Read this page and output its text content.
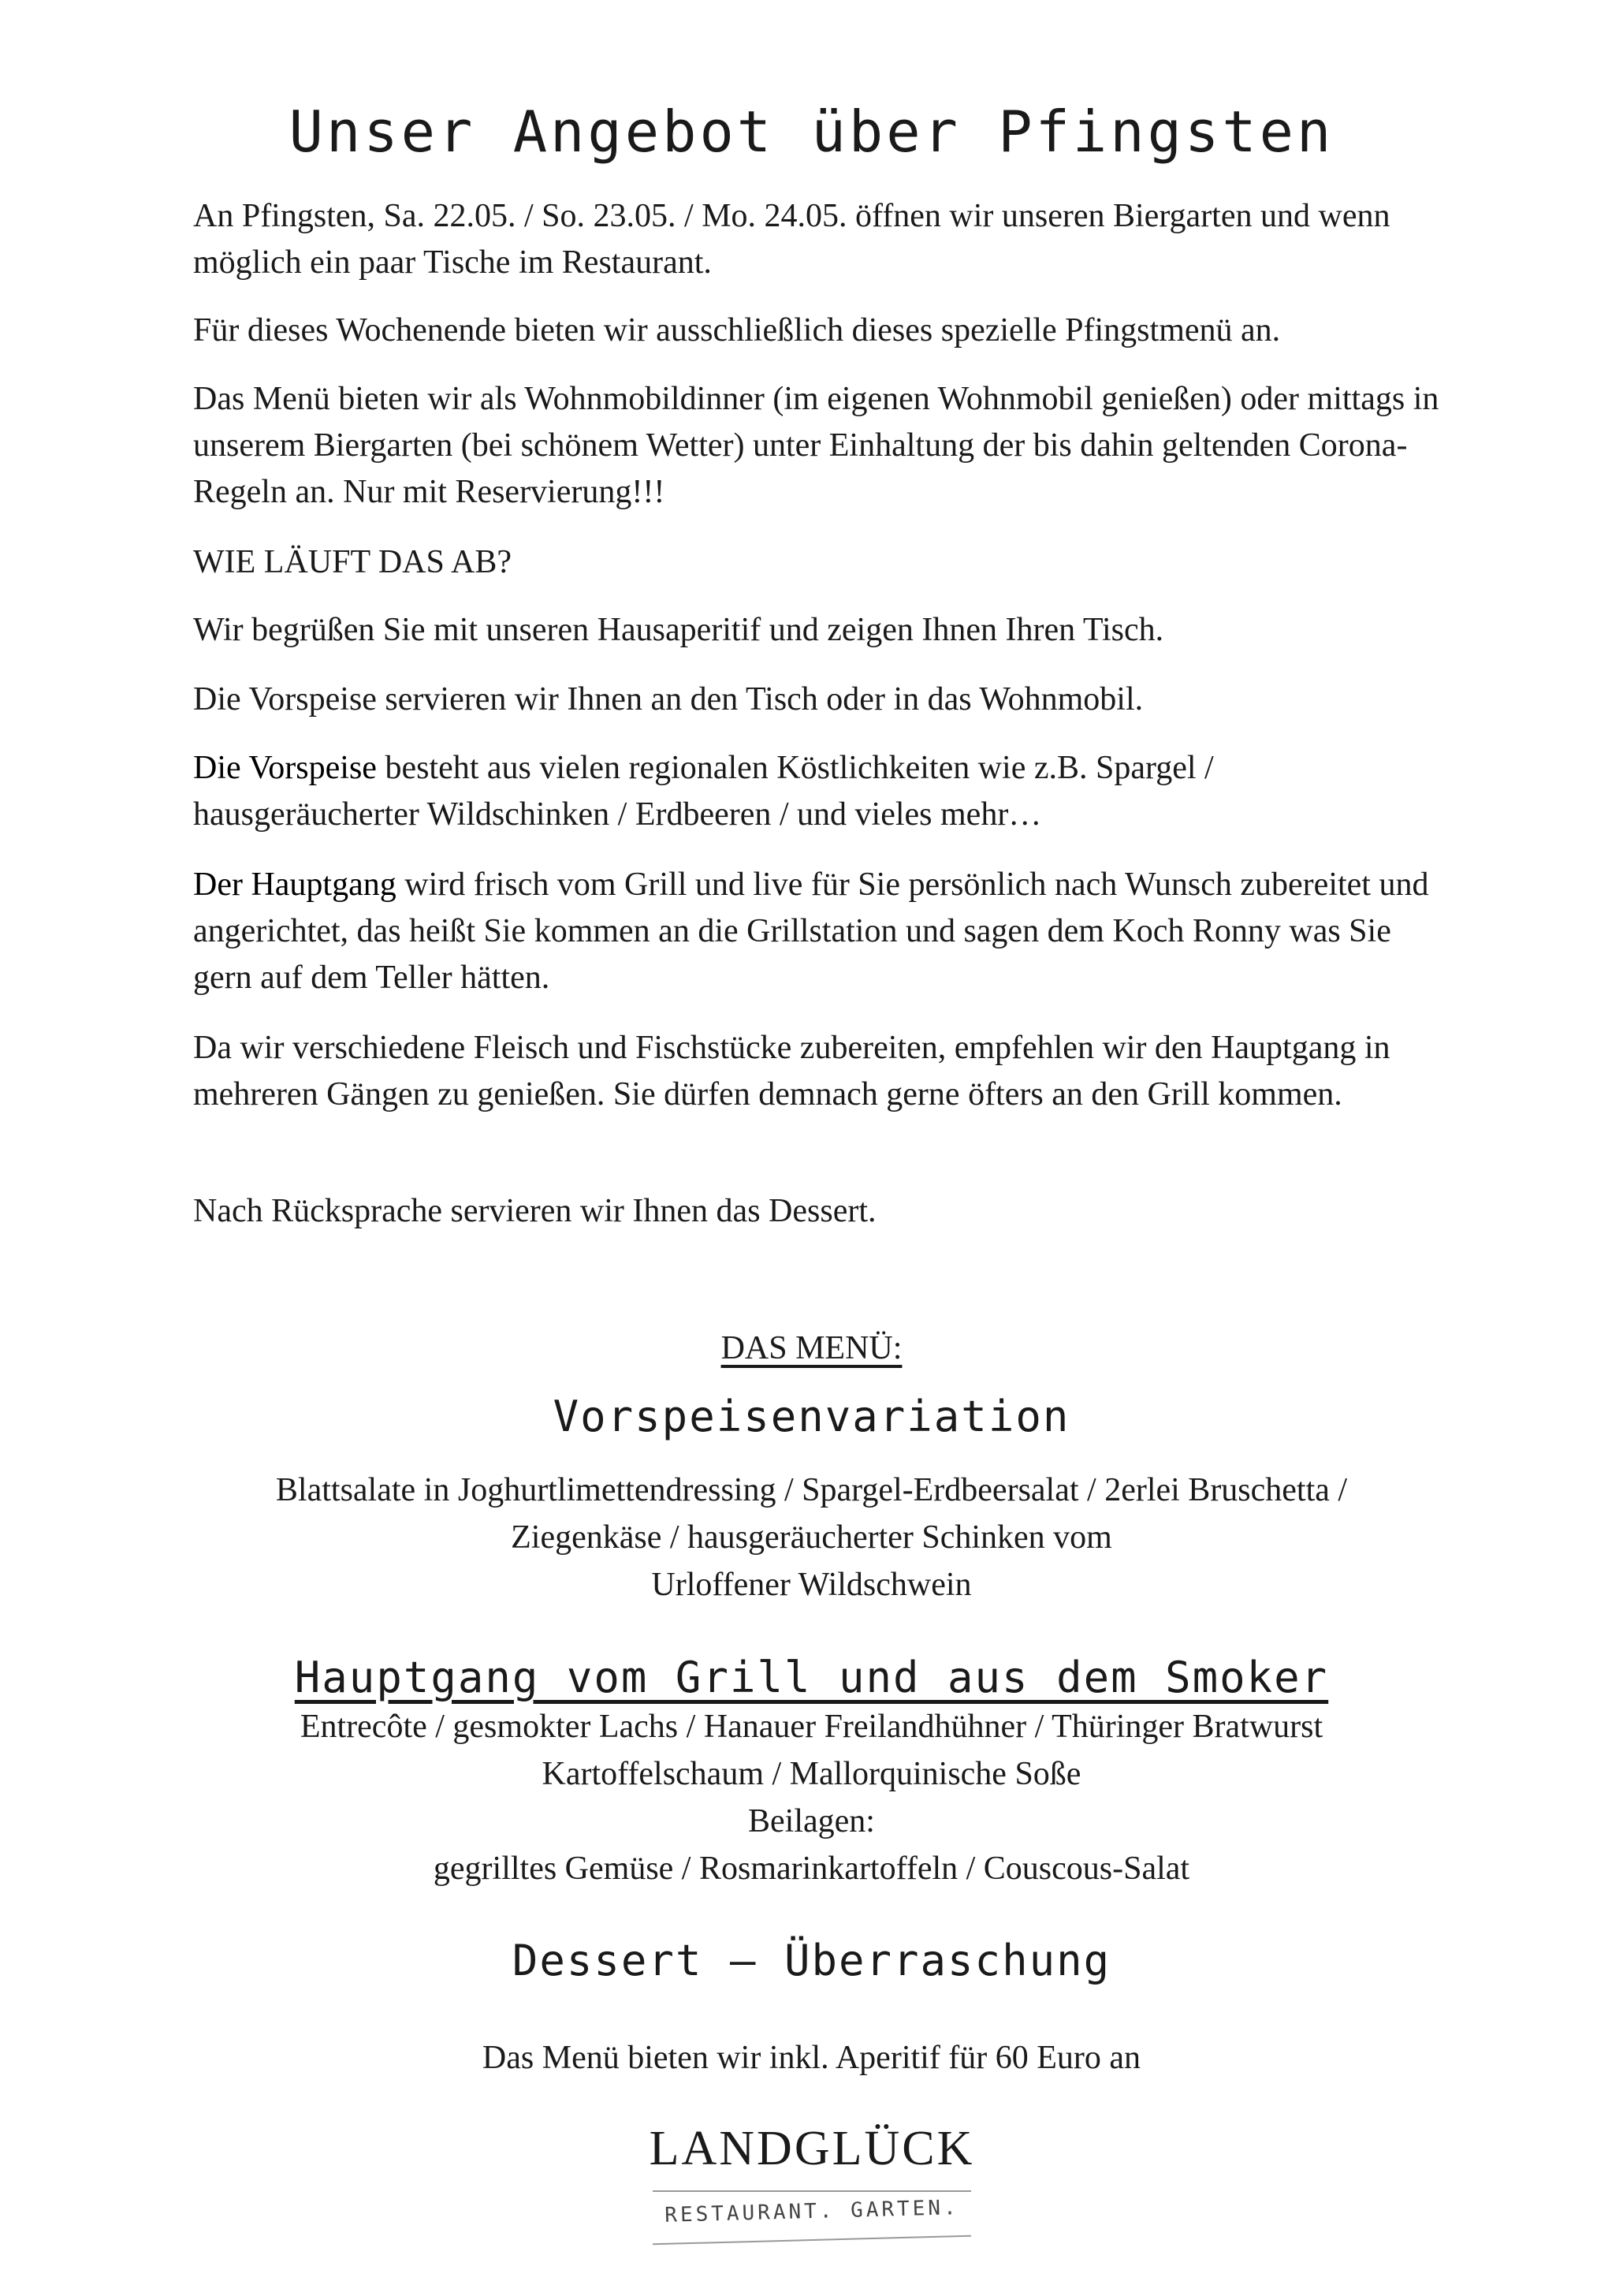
Unser Angebot über Pfingsten

An Pfingsten, Sa. 22.05. / So. 23.05. / Mo. 24.05. öffnen wir unseren Biergarten und wenn möglich ein paar Tische im Restaurant.

Für dieses Wochenende bieten wir ausschließlich dieses spezielle Pfingstmenü an.

Das Menü bieten wir als Wohnmobildinner (im eigenen Wohnmobil genießen) oder mittags in unserem Biergarten (bei schönem Wetter) unter Einhaltung der bis dahin geltenden Corona-Regeln an. Nur mit Reservierung!!!

WIE LÄUFT DAS AB?

Wir begrüßen Sie mit unseren Hausaperitif und zeigen Ihnen Ihren Tisch.

Die Vorspeise servieren wir Ihnen an den Tisch oder in das Wohnmobil.

Die Vorspeise besteht aus vielen regionalen Köstlichkeiten wie z.B. Spargel / hausgeräucherter Wildschinken / Erdbeeren / und vieles mehr…

Der Hauptgang wird frisch vom Grill und live für Sie persönlich nach Wunsch zubereitet und angerichtet, das heißt Sie kommen an die Grillstation und sagen dem Koch Ronny was Sie gern auf dem Teller hätten.

Da wir verschiedene Fleisch und Fischstücke zubereiten, empfehlen wir den Hauptgang in mehreren Gängen zu genießen. Sie dürfen demnach gerne öfters an den Grill kommen.

Nach Rücksprache servieren wir Ihnen das Dessert.

DAS MENÜ:

Vorspeisenvariation

Blattsalate in Joghurtlimettendressing / Spargel-Erdbeersalat / 2erlei Bruschetta /

Ziegenkäse / hausgeräucherter Schinken vom

Urloffener Wildschwein

Hauptgang vom Grill und aus dem Smoker

Entrecôte / gesmokter Lachs / Hanauer Freilandhühner / Thüringer Bratwurst

Kartoffelschaum / Mallorquinische Soße

Beilagen:

gegrilltes Gemüse / Rosmarinkartoffeln / Couscous-Salat

Dessert – Überraschung

Das Menü bieten wir inkl. Aperitif für 60 Euro an

LANDGLÜCK
RESTAURANT. GARTEN.
